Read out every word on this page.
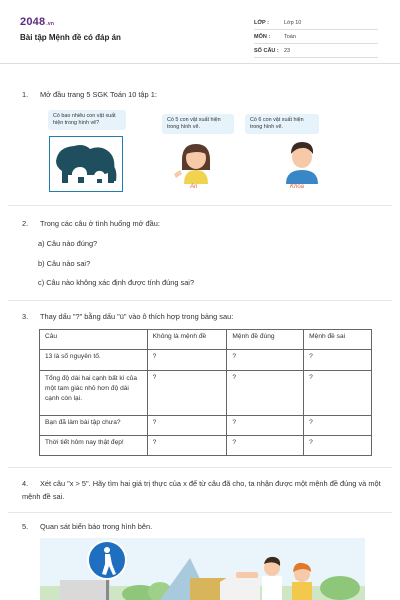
2048.vn
Bài tập Mệnh đề có đáp án
LỚP :	Lớp 10
MÔN :	Toán
SỐ CÂU : 23
1. Mở đầu trang 5 SGK Toán 10 tập 1:
Có bao nhiêu con vật xuất hiện trong hình vẽ?	Có 5 con vật xuất hiện trong hình vẽ.
An
Có 6 con vật xuất hiện trong hình vẽ.
Khoa
2. Trong các câu ở tình huống mở đầu:
a) Câu nào đúng?
b) Câu nào sai?
c) Câu nào không xác định được tính đúng sai?
3. Thay dấu "?" bằng dấu "ü" vào ô thích hợp trong bảng sau:
Câu	Không là mệnh đề	Mệnh đề đúng	Mệnh đề sai
13 là số nguyên tố.	?	?	?
Tổng độ dài hai cạnh bất kì của một tam giác nhỏ hơn độ dài cạnh còn lại.	?	?	?
Bạn đã làm bài tập chưa?	?	?	?
Thời tiết hôm nay thật đẹp!	?	?	?
4. Xét câu "x > 5". Hãy tìm hai giá trị thực của x để từ câu đã cho, ta nhận được một mệnh đề đúng và một mệnh đề sai.
5. Quan sát biển báo trong hình bên.
